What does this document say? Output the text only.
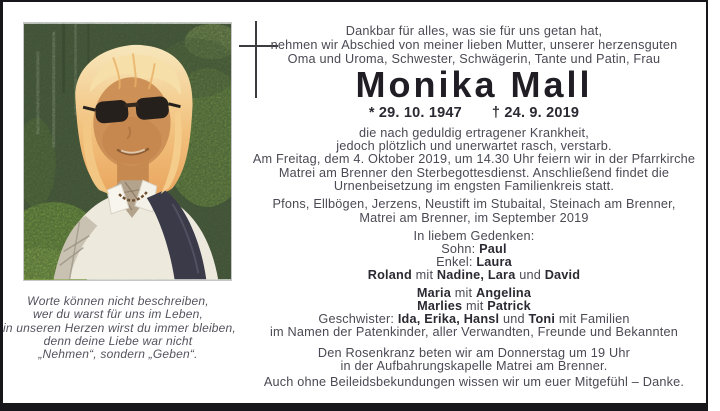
Dankbar für alles, was sie für uns getan hat,
nehmen wir Abschied von meiner lieben Mutter, unserer herzensguten
Oma und Uroma, Schwester, Schwägerin, Tante und Patin, Frau
Monika Mall
* 29. 10. 1947 † 24. 9. 2019
die nach geduldig ertragener Krankheit,
jedoch plötzlich und unerwartet rasch, verstarb.
Am Freitag, dem 4. Oktober 2019, um 14.30 Uhr feiern wir in der Pfarrkirche
Matrei am Brenner den Sterbegottesdienst. Anschließend findet die
Urnenbeisetzung im engsten Familienkreis statt.
Pfons, Ellbögen, Jerzens, Neustift im Stubaital, Steinach am Brenner,
Matrei am Brenner, im September 2019
In liebem Gedenken:
Sohn: Paul
Enkel: Laura
Roland mit Nadine, Lara und David
Maria mit Angelina
Marlies mit Patrick
Geschwister: Ida, Erika, Hansl und Toni mit Familien
im Namen der Patenkinder, aller Verwandten, Freunde und Bekannten
Den Rosenkranz beten wir am Donnerstag um 19 Uhr
in der Aufbahrungskapelle Matrei am Brenner.
Auch ohne Beileidsbekundungen wissen wir um euer Mitgefühl – Danke.
Worte können nicht beschreiben,
wer du warst für uns im Leben,
in unseren Herzen wirst du immer bleiben,
denn deine Liebe war nicht
„Nehmen“, sondern „Geben“.
